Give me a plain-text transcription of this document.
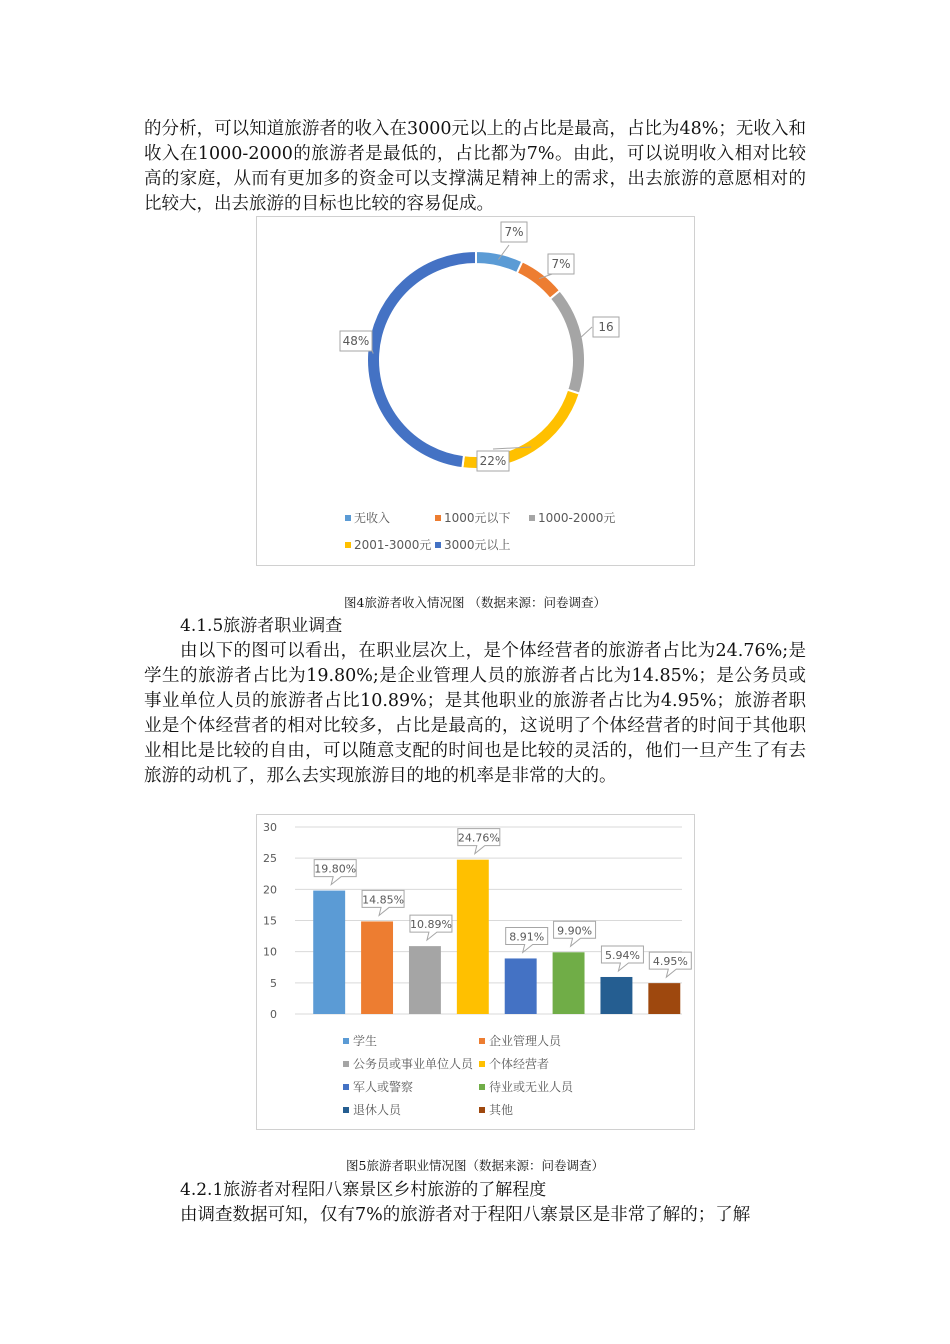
的分析，可以知道旅游者的收入在3000元以上的占比是最高，占比为48%；无收入和收入在1000-2000的旅游者是最低的，占比都为7%。由此，可以说明收入相对比较高的家庭，从而有更加多的资金可以支撑满足精神上的需求，出去旅游的意愿相对的比较大，出去旅游的目标也比较的容易促成。

7%
7%
16
22%
48%
无收入	1000元以下 1000-2000元
2001-3000元 3000元以上

图4旅游者收入情况图 （数据来源：问卷调查）

4.1.5旅游者职业调查

由以下的图可以看出，在职业层次上，是个体经营者的旅游者占比为24.76%;是学生的旅游者占比为19.80%;是企业管理人员的旅游者占比为14.85%；是公务员或事业单位人员的旅游者占比10.89%；是其他职业的旅游者占比为4.95%；旅游者职业是个体经营者的相对比较多，占比是最高的，这说明了个体经营者的时间于其他职业相比是比较的自由，可以随意支配的时间也是比较的灵活的，他们一旦产生了有去旅游的动机了，那么去实现旅游目的地的机率是非常的大的。

0
5
10
15
20
25
30
19.80%
14.85%
10.89%
24.76%
8.91% 9.90%
5.94% 4.95%
学生	企业管理人员
公务员或事业单位人员 个体经营者
军人或警察	待业或无业人员
退休人员	其他

图5旅游者职业情况图（数据来源：问卷调查）

4.2.1旅游者对程阳八寨景区乡村旅游的了解程度

由调查数据可知，仅有7%的旅游者对于程阳八寨景区是非常了解的；了解
